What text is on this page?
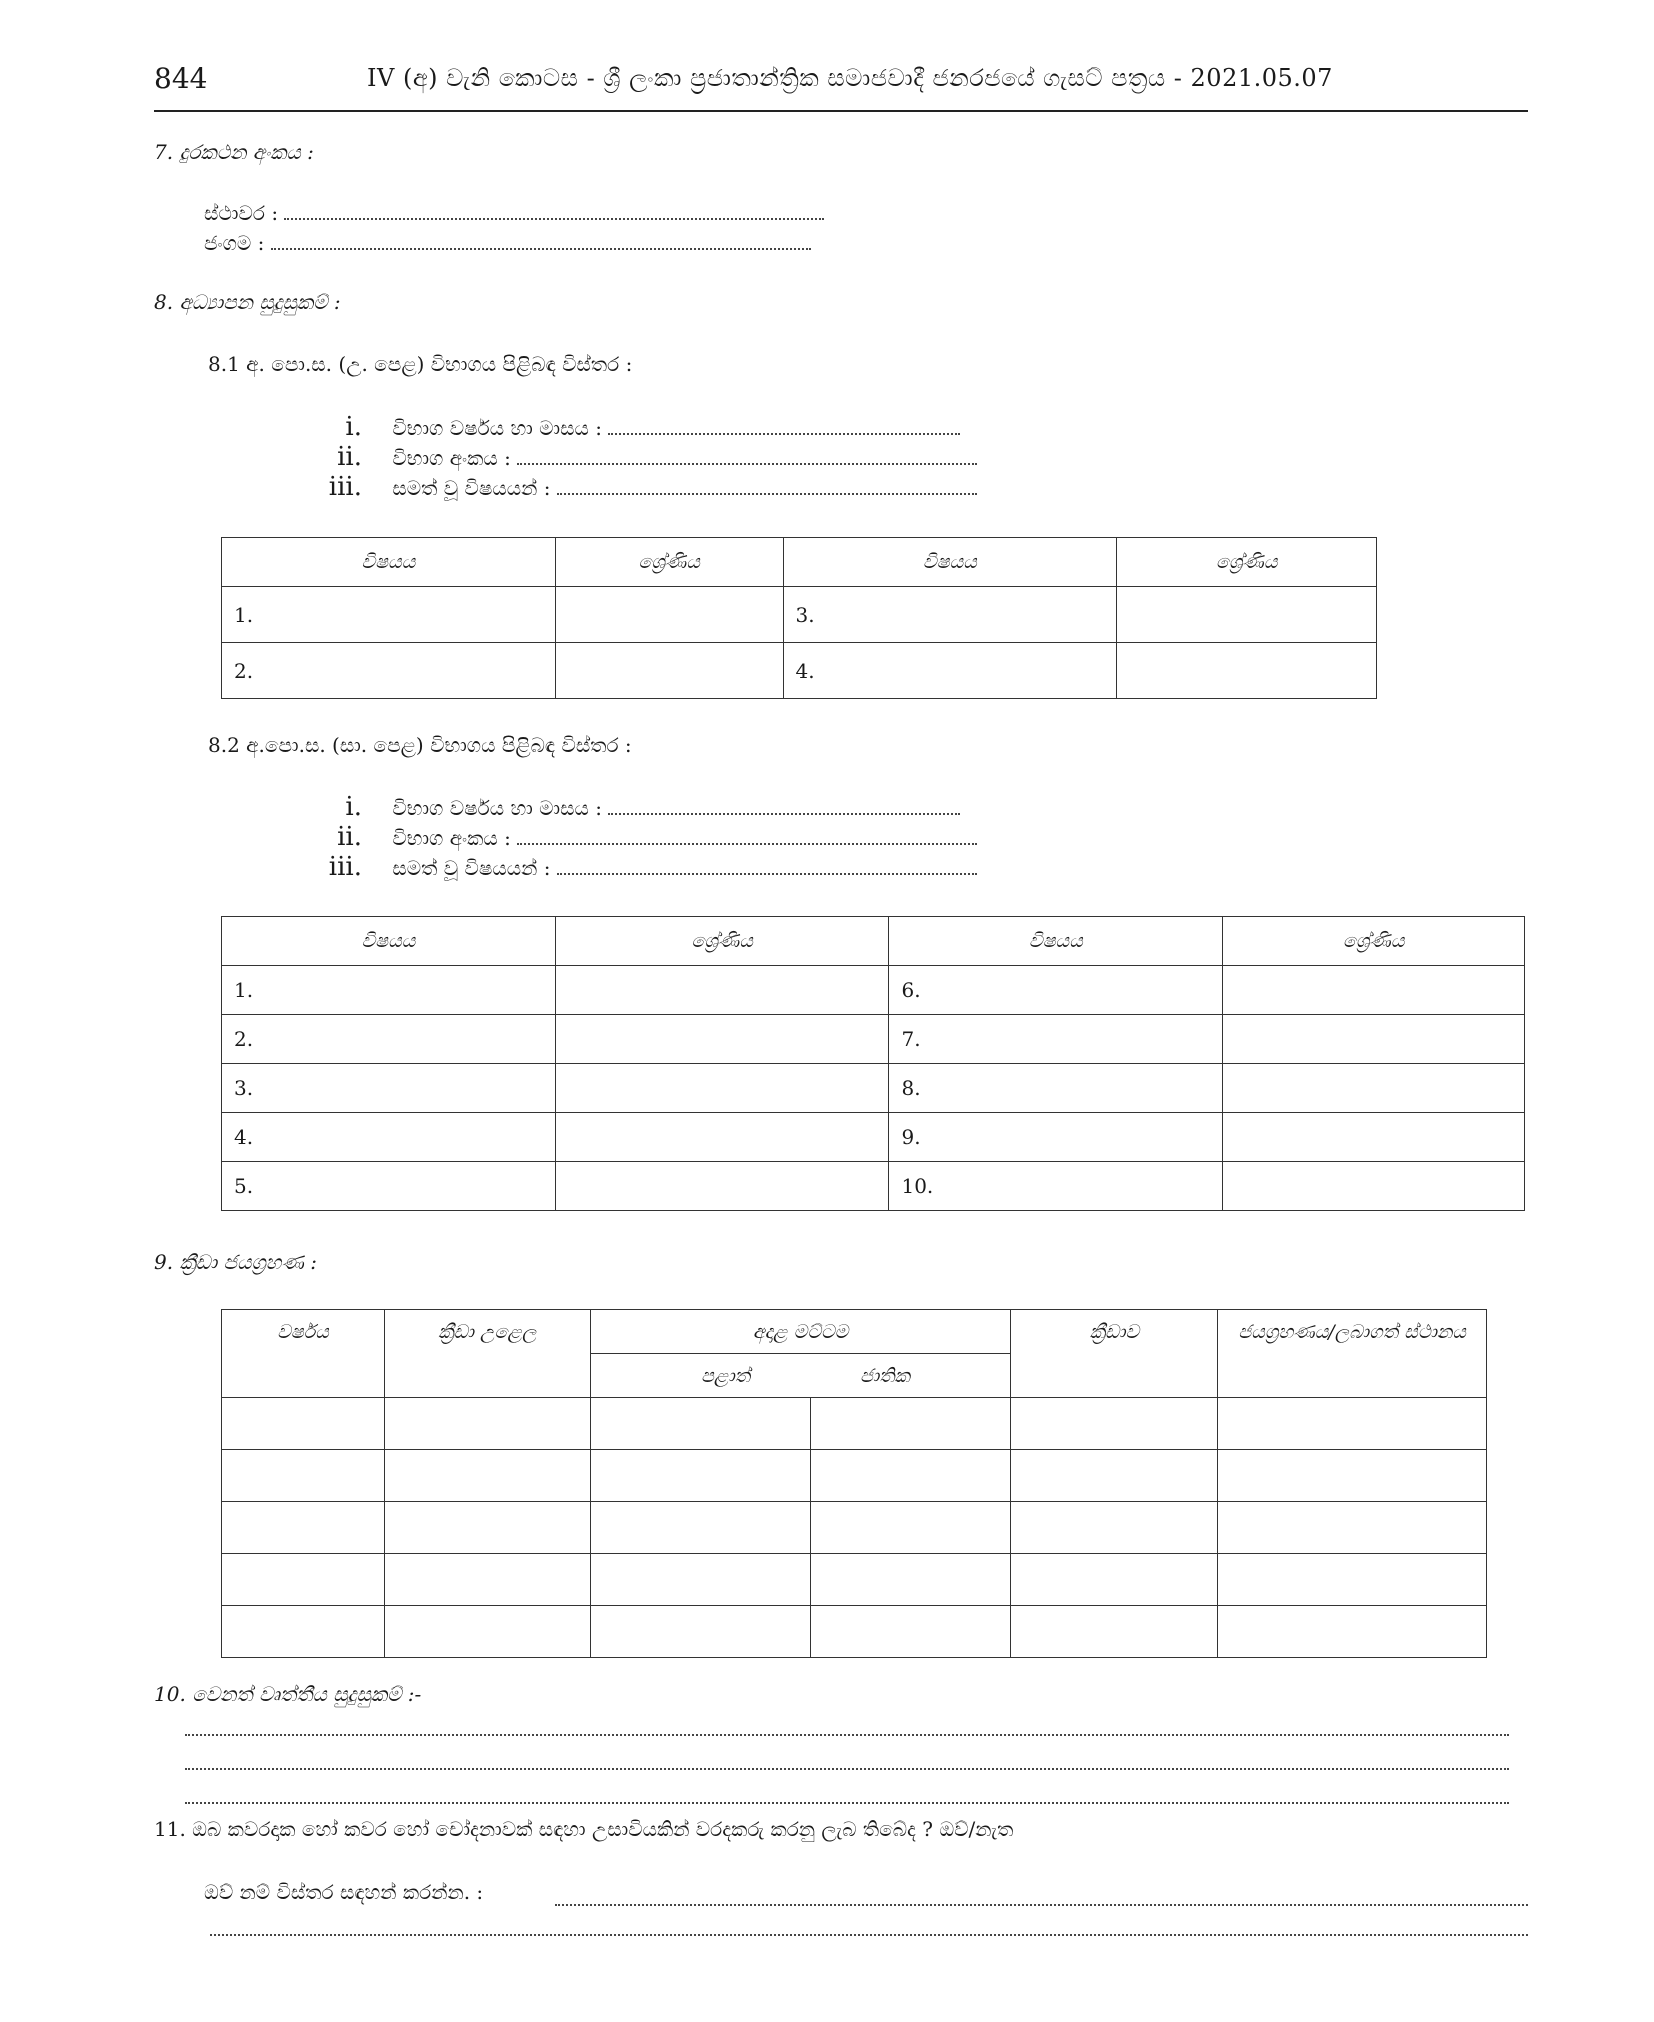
844	IV (අ) වැනි කොටස - ශ්‍රී ලංකා ප්‍රජාතාන්ත්‍රික සමාජවාදී ජනරජයේ ගැසට් පත්‍රය - 2021.05.07
7. දුරකථන අංකය :
ස්ථාවර :
ජංගම :
8. අධ්‍යාපන සුදුසුකම් :
8.1 අ. පො.ස. (උ. පෙළ) විභාගය පිළිබඳ විස්තර :
i. විභාග වර්ෂය හා මාසය :
ii. විභාග අංකය :
iii. සමත් වූ විෂයයන් :
විෂයය	ශ්‍රේණිය	විෂයය	ශ්‍රේණිය
1.		3.	
2.		4.	
8.2 අ.පො.ස. (සා. පෙළ) විභාගය පිළිබඳ විස්තර :
i. විභාග වර්ෂය හා මාසය :
ii. විභාග අංකය :
iii. සමත් වූ විෂයයන් :
විෂයය	ශ්‍රේණිය	විෂයය	ශ්‍රේණිය
1.		6.	
2.		7.	
3.		8.	
4.		9.	
5.		10.	
9. ක්‍රීඩා ජයග්‍රහණ :
වර්ෂය	ක්‍රීඩා උළෙල	අදාළ මට්ටම		ක්‍රීඩාව	ජයග්‍රහණය/ලබාගත් ස්ථානය
		පළාත්	ජාතික		

10. වෙනත් වෘත්තීය සුදුසුකම් :-
11. ඔබ කවරදාක හෝ කවර හෝ චෝදනාවක් සඳහා උසාවියකින් වරදකරු කරනු ලැබ තිබේද ? ඔව්/නැත
ඔව් නම් විස්තර සඳහන් කරන්න. :
